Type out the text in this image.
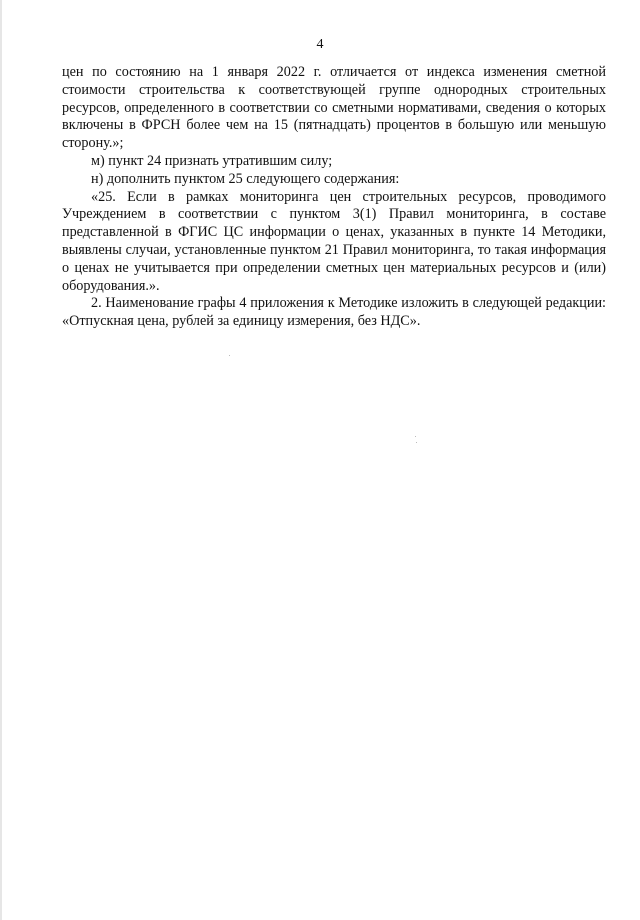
4

цен по состоянию на 1 января 2022 г. отличается от индекса изменения сметной стоимости строительства к соответствующей группе однородных строительных ресурсов, определенного в соответствии со сметными нормативами, сведения о которых включены в ФРСН более чем на 15 (пятнадцать) процентов в большую или меньшую сторону.»;

м) пункт 24 признать утратившим силу;

н) дополнить пунктом 25 следующего содержания:

«25. Если в рамках мониторинга цен строительных ресурсов, проводимого Учреждением в соответствии с пунктом 3(1) Правил мониторинга, в составе представленной в ФГИС ЦС информации о ценах, указанных в пункте 14 Методики, выявлены случаи, установленные пунктом 21 Правил мониторинга, то такая информация о ценах не учитывается при определении сметных цен материальных ресурсов и (или) оборудования.».

2. Наименование графы 4 приложения к Методике изложить в следующей редакции: «Отпускная цена, рублей за единицу измерения, без НДС».
